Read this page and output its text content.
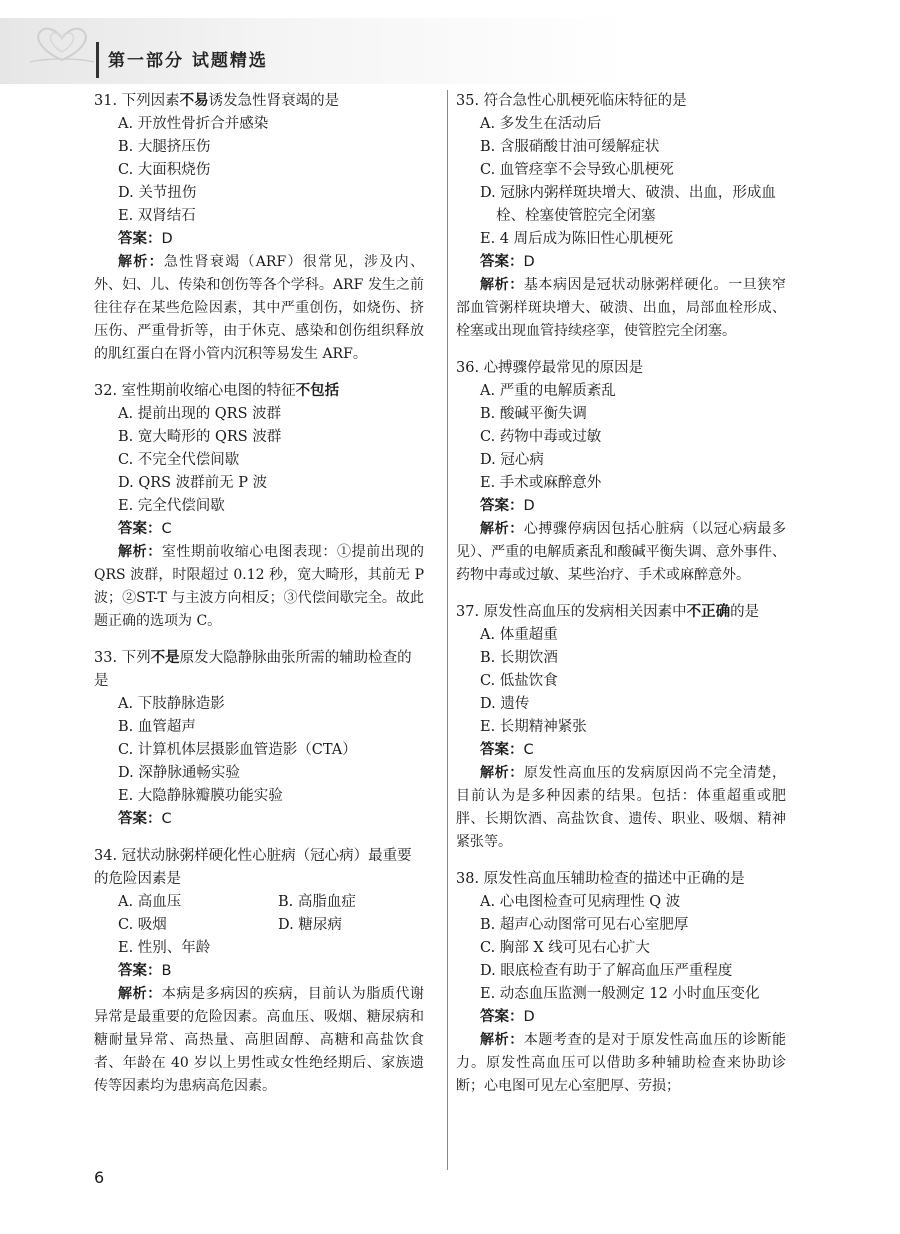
第一部分 试题精选
31. 下列因素不易诱发急性肾衰竭的是
A. 开放性骨折合并感染
B. 大腿挤压伤
C. 大面积烧伤
D. 关节扭伤
E. 双肾结石
答案：D
解析：急性肾衰竭（ARF）很常见，涉及内、外、妇、儿、传染和创伤等各个学科。ARF 发生之前往往存在某些危险因素，其中严重创伤，如烧伤、挤压伤、严重骨折等，由于休克、感染和创伤组织释放的肌红蛋白在肾小管内沉积等易发生 ARF。
32. 室性期前收缩心电图的特征不包括
A. 提前出现的 QRS 波群
B. 宽大畸形的 QRS 波群
C. 不完全代偿间歇
D. QRS 波群前无 P 波
E. 完全代偿间歇
答案：C
解析：室性期前收缩心电图表现：①提前出现的 QRS 波群，时限超过 0.12 秒，宽大畸形，其前无 P 波；②ST-T 与主波方向相反；③代偿间歇完全。故此题正确的选项为 C。
33. 下列不是原发大隐静脉曲张所需的辅助检查的是
A. 下肢静脉造影
B. 血管超声
C. 计算机体层摄影血管造影（CTA）
D. 深静脉通畅实验
E. 大隐静脉瓣膜功能实验
答案：C
34. 冠状动脉粥样硬化性心脏病（冠心病）最重要的危险因素是
A. 高血压	B. 高脂血症
C. 吸烟	D. 糖尿病
E. 性别、年龄
答案：B
解析：本病是多病因的疾病，目前认为脂质代谢异常是最重要的危险因素。高血压、吸烟、糖尿病和糖耐量异常、高热量、高胆固醇、高糖和高盐饮食者、年龄在 40 岁以上男性或女性绝经期后、家族遗传等因素均为患病高危因素。
35. 符合急性心肌梗死临床特征的是
A. 多发生在活动后
B. 含服硝酸甘油可缓解症状
C. 血管痉挛不会导致心肌梗死
D. 冠脉内粥样斑块增大、破溃、出血，形成血栓、栓塞使管腔完全闭塞
E. 4 周后成为陈旧性心肌梗死
答案：D
解析：基本病因是冠状动脉粥样硬化。一旦狭窄部血管粥样斑块增大、破溃、出血，局部血栓形成、栓塞或出现血管持续痉挛，使管腔完全闭塞。
36. 心搏骤停最常见的原因是
A. 严重的电解质紊乱
B. 酸碱平衡失调
C. 药物中毒或过敏
D. 冠心病
E. 手术或麻醉意外
答案：D
解析：心搏骤停病因包括心脏病（以冠心病最多见）、严重的电解质紊乱和酸碱平衡失调、意外事件、药物中毒或过敏、某些治疗、手术或麻醉意外。
37. 原发性高血压的发病相关因素中不正确的是
A. 体重超重
B. 长期饮酒
C. 低盐饮食
D. 遗传
E. 长期精神紧张
答案：C
解析：原发性高血压的发病原因尚不完全清楚，目前认为是多种因素的结果。包括：体重超重或肥胖、长期饮酒、高盐饮食、遗传、职业、吸烟、精神紧张等。
38. 原发性高血压辅助检查的描述中正确的是
A. 心电图检查可见病理性 Q 波
B. 超声心动图常可见右心室肥厚
C. 胸部 X 线可见右心扩大
D. 眼底检查有助于了解高血压严重程度
E. 动态血压监测一般测定 12 小时血压变化
答案：D
解析：本题考查的是对于原发性高血压的诊断能力。原发性高血压可以借助多种辅助检查来协助诊断；心电图可见左心室肥厚、劳损；
6
